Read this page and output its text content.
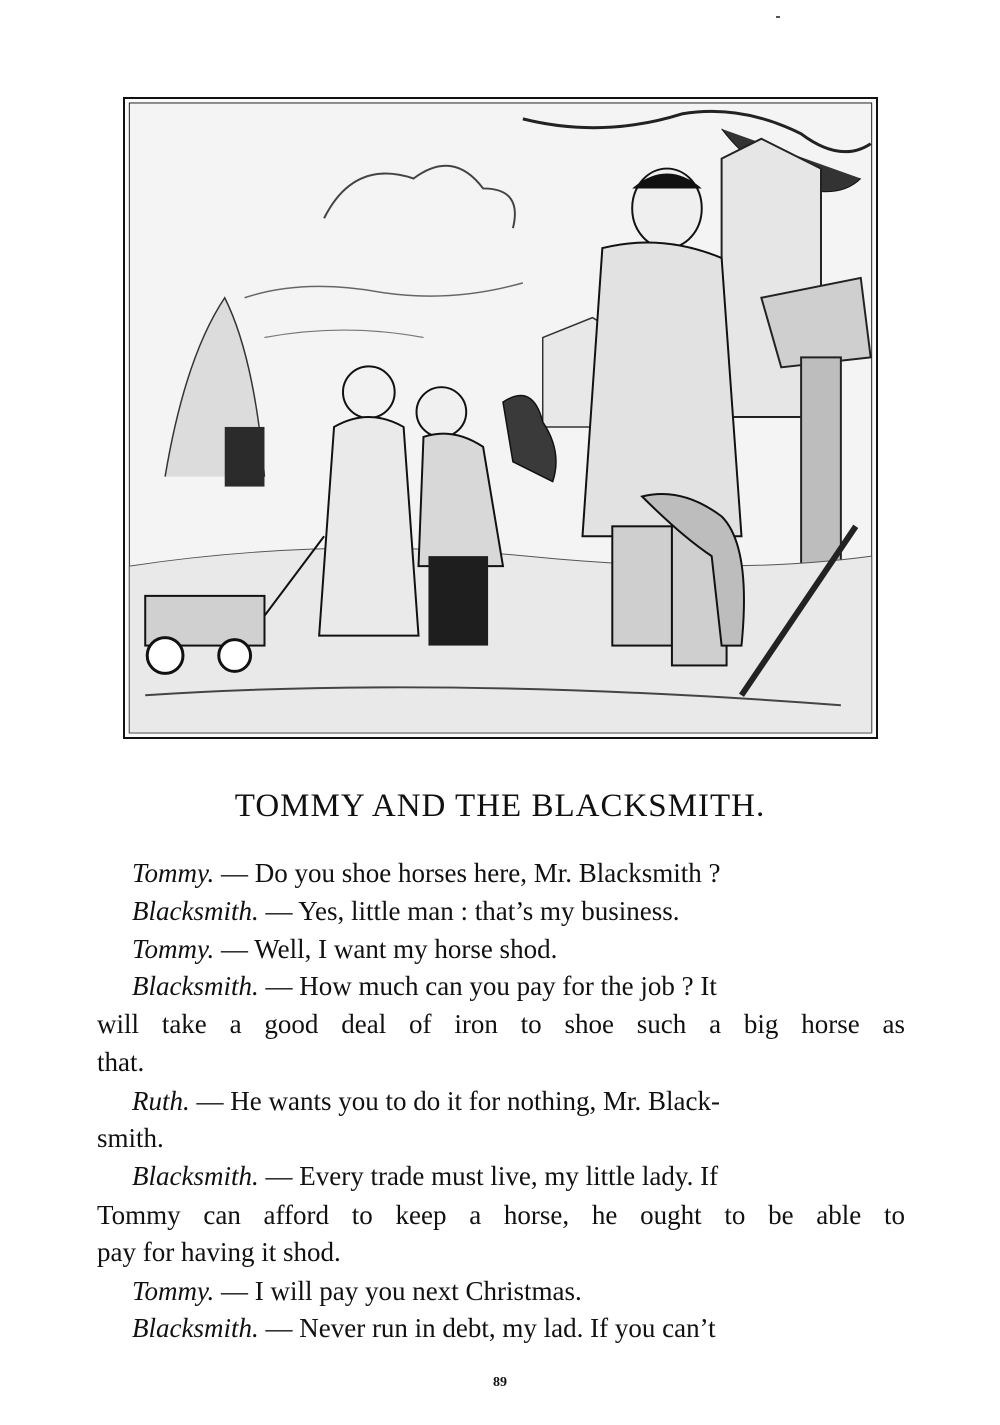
TOMMY AND THE BLACKSMITH.

Tommy. — Do you shoe horses here, Mr. Blacksmith ?

Blacksmith. — Yes, little man : that’s my business.

Tommy. — Well, I want my horse shod.

Blacksmith. — How much can you pay for the job ? It

will take a good deal of iron to shoe such a big horse as

that.

Ruth. — He wants you to do it for nothing, Mr. Black-

smith.

Blacksmith. — Every trade must live, my little lady. If

Tommy can afford to keep a horse, he ought to be able to

pay for having it shod.

Tommy. — I will pay you next Christmas.

Blacksmith. — Never run in debt, my lad. If you can’t

89
